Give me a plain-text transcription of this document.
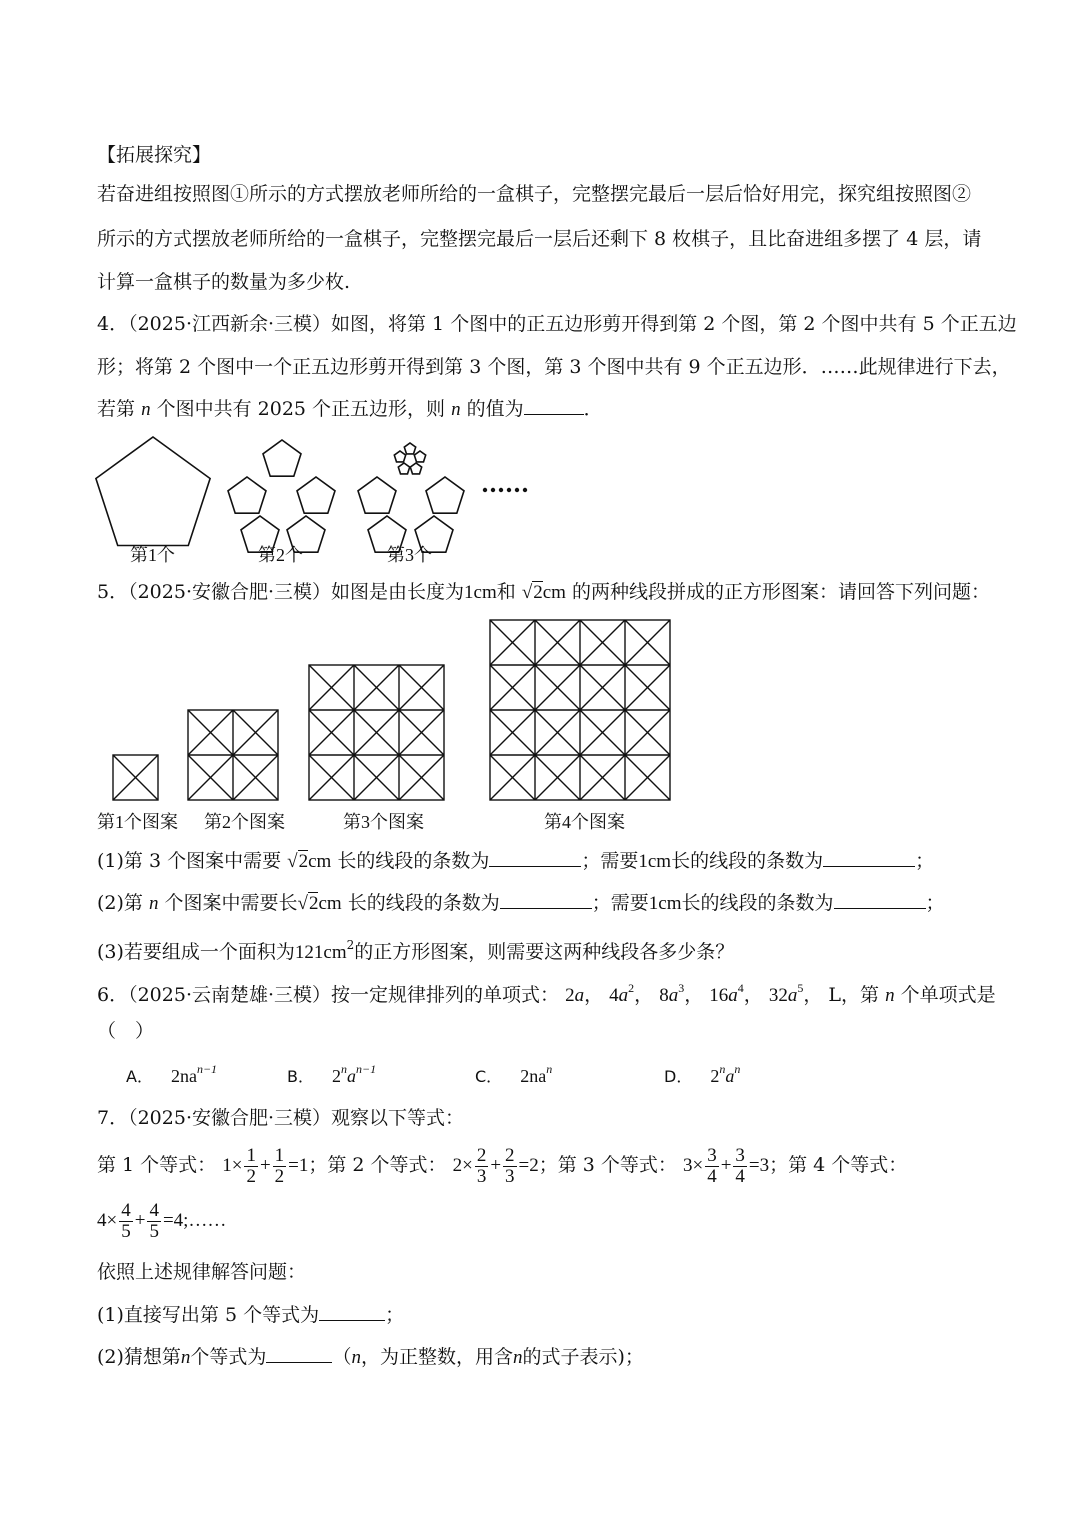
【拓展探究】
若奋进组按照图①所示的方式摆放老师所给的一盒棋子，完整摆完最后一层后恰好用完，探究组按照图②
所示的方式摆放老师所给的一盒棋子，完整摆完最后一层后还剩下 8 枚棋子，且比奋进组多摆了 4 层，请
计算一盒棋子的数量为多少枚.
4．（2025·江西新余·三模）如图，将第 1 个图中的正五边形剪开得到第 2 个图，第 2 个图中共有 5 个正五边
形；将第 2 个图中一个正五边形剪开得到第 3 个图，第 3 个图中共有 9 个正五边形．……此规律进行下去，
若第 n 个图中共有 2025 个正五边形，则 n 的值为	．
第1个	第2个	第3个
5．（2025·安徽合肥·三模）如图是由长度为1cm和 √2cm 的两种线段拼成的正方形图案：请回答下列问题：
第1个图案 第2个图案	第3个图案	第4个图案
(1)第 3 个图案中需要 √2cm 长的线段的条数为	；需要1cm长的线段的条数为	；
(2)第 n 个图案中需要长√2cm 长的线段的条数为	；需要1cm长的线段的条数为	；
(3)若要组成一个面积为$121cm^2$的正方形图案，则需要这两种线段各多少条？
6．（2025·云南楚雄·三模）按一定规律排列的单项式： 2a， $4a^2$， $8a^3$， $16a^4$， $32a^5$， L，第 n 个单项式是
（　）
A． $2na^{n-1}$	B． $2^na^{n-1}$	C． $2na^n$	D． $2^na^n$
7．（2025·安徽合肥·三模）观察以下等式：
第 1 个等式： $1\times \frac{1}{2} + \frac{1}{2} =1$；第 2 个等式： $2\times \frac{2}{3} + \frac{2}{3} =2$；第 3 个等式： $3\times \frac{3}{4} + \frac{3}{4} =3$；第 4 个等式：
$4\times \frac{4}{5} + \frac{4}{5}$ =4;……
依照上述规律解答问题：
(1)直接写出第 5 个等式为	；
(2)猜想第n个等式为	（n，为正整数，用含n的式子表示)；
